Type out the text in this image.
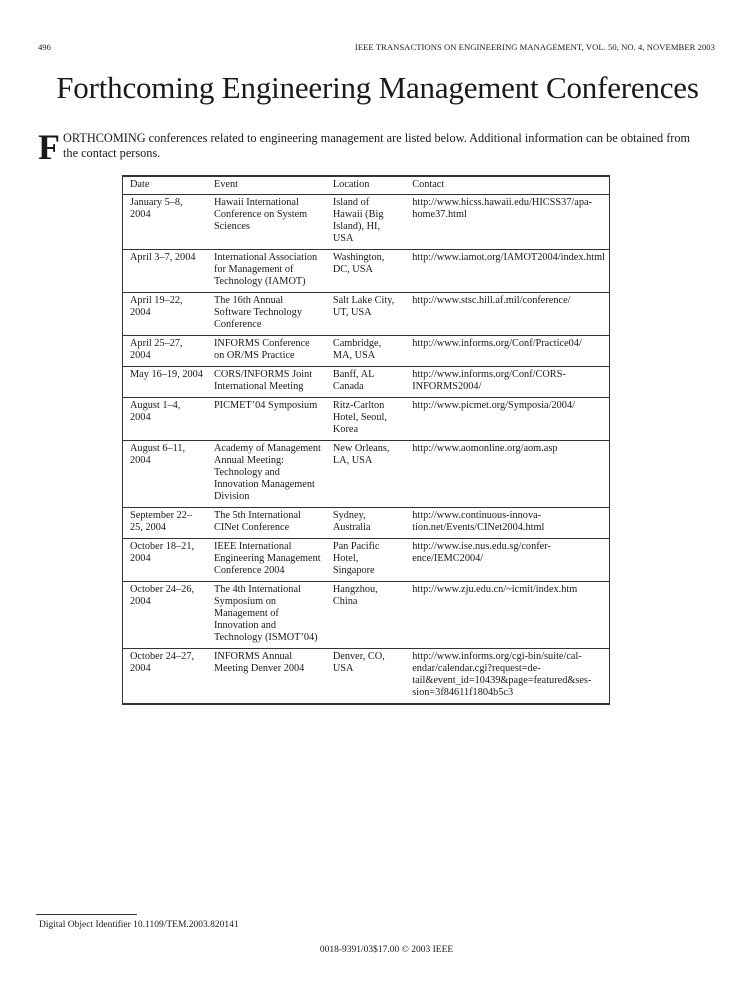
496	IEEE TRANSACTIONS ON ENGINEERING MANAGEMENT, VOL. 50, NO. 4, NOVEMBER 2003
Forthcoming Engineering Management Conferences
F ORTHCOMING conferences related to engineering management are listed below. Additional information can be obtained from the contact persons.
Date	Event	Location	Contact
January 5–8, 2004	Hawaii International Conference on System Sciences	Island of Hawaii (Big Island), HI, USA	http://www.hicss.hawaii.edu/HICSS37/apa-home37.html
April 3–7, 2004	International Association for Management of Technology (IAMOT)	Washington, DC, USA	http://www.iamot.org/IAMOT2004/index.html
April 19–22, 2004	The 16th Annual Software Technology Conference	Salt Lake City, UT, USA	http://www.stsc.hill.af.mil/conference/
April 25–27, 2004	INFORMS Conference on OR/MS Practice	Cambridge, MA, USA	http://www.informs.org/Conf/Practice04/
May 16–19, 2004	CORS/INFORMS Joint International Meeting	Banff, AL Canada	http://www.informs.org/Conf/CORS-INFORMS2004/
August 1–4, 2004	PICMET’04 Symposium	Ritz-Carlton Hotel, Seoul, Korea	http://www.picmet.org/Symposia/2004/
August 6–11, 2004	Academy of Management Annual Meeting: Technology and Innovation Management Division	New Orleans, LA, USA	http://www.aomonline.org/aom.asp
September 22–25, 2004	The 5th International CINet Conference	Sydney, Australia	http://www.continuous-innova-tion.net/Events/CINet2004.html
October 18–21, 2004	IEEE International Engineering Management Conference 2004	Pan Pacific Hotel, Singapore	http://www.ise.nus.edu.sg/confer-ence/IEMC2004/
October 24–26, 2004	The 4th International Symposium on Management of Innovation and Technology (ISMOT’04)	Hangzhou, China	http://www.zju.edu.cn/~icmit/index.htm
October 24–27, 2004	INFORMS Annual Meeting Denver 2004	Denver, CO, USA	http://www.informs.org/cgi-bin/suite/cal-endar/calendar.cgi?request=de-tail&event_id=10439&page=featured&ses-sion=3f84611f1804b5c3
Digital Object Identifier 10.1109/TEM.2003.820141
0018-9391/03$17.00 © 2003 IEEE
